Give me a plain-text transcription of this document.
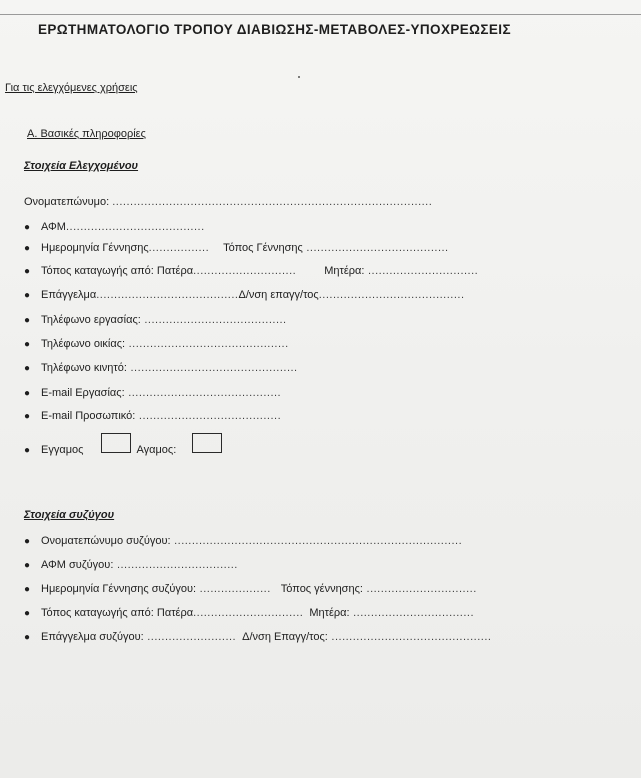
ΕΡΩΤΗΜΑΤΟΛΟΓΙΟ ΤΡΟΠΟΥ ΔΙΑΒΙΩΣΗΣ-ΜΕΤΑΒΟΛΕΣ-ΥΠΟΧΡΕΩΣΕΙΣ
Για τις ελεγχόμενες χρήσεις
Α. Βασικές πληροφορίες
Στοιχεία Ελεγχομένου
Ονοματεπώνυμο: ..........................................................................................
● ΑΦΜ.......................................
● Ημερομηνία Γέννησης................. Τόπος Γέννησης ........................................
● Τόπος καταγωγής από: Πατέρα.............................	Μητέρα: ...............................
● Επάγγελμα........................................Δ/νση επαγγ/τος.........................................
● Τηλέφωνο εργασίας: ........................................
● Τηλέφωνο οικίας: .............................................
● Τηλέφωνο κινητό: ...............................................
● E-mail Εργασίας: ...........................................
● E-mail Προσωπικό: ........................................
● Εγγαμος	Αγαμος:
Στοιχεία συζύγου
● Ονοματεπώνυμο συζύγου: .................................................................................
● ΑΦΜ συζύγου: ..................................
● Ημερομηνία Γέννησης συζύγου: .................... Τόπος γέννησης: ...............................
● Τόπος καταγωγής από: Πατέρα............................... Μητέρα: ..................................
● Επάγγελμα συζύγου: ......................... Δ/νση Επαγγ/τος: .............................................
